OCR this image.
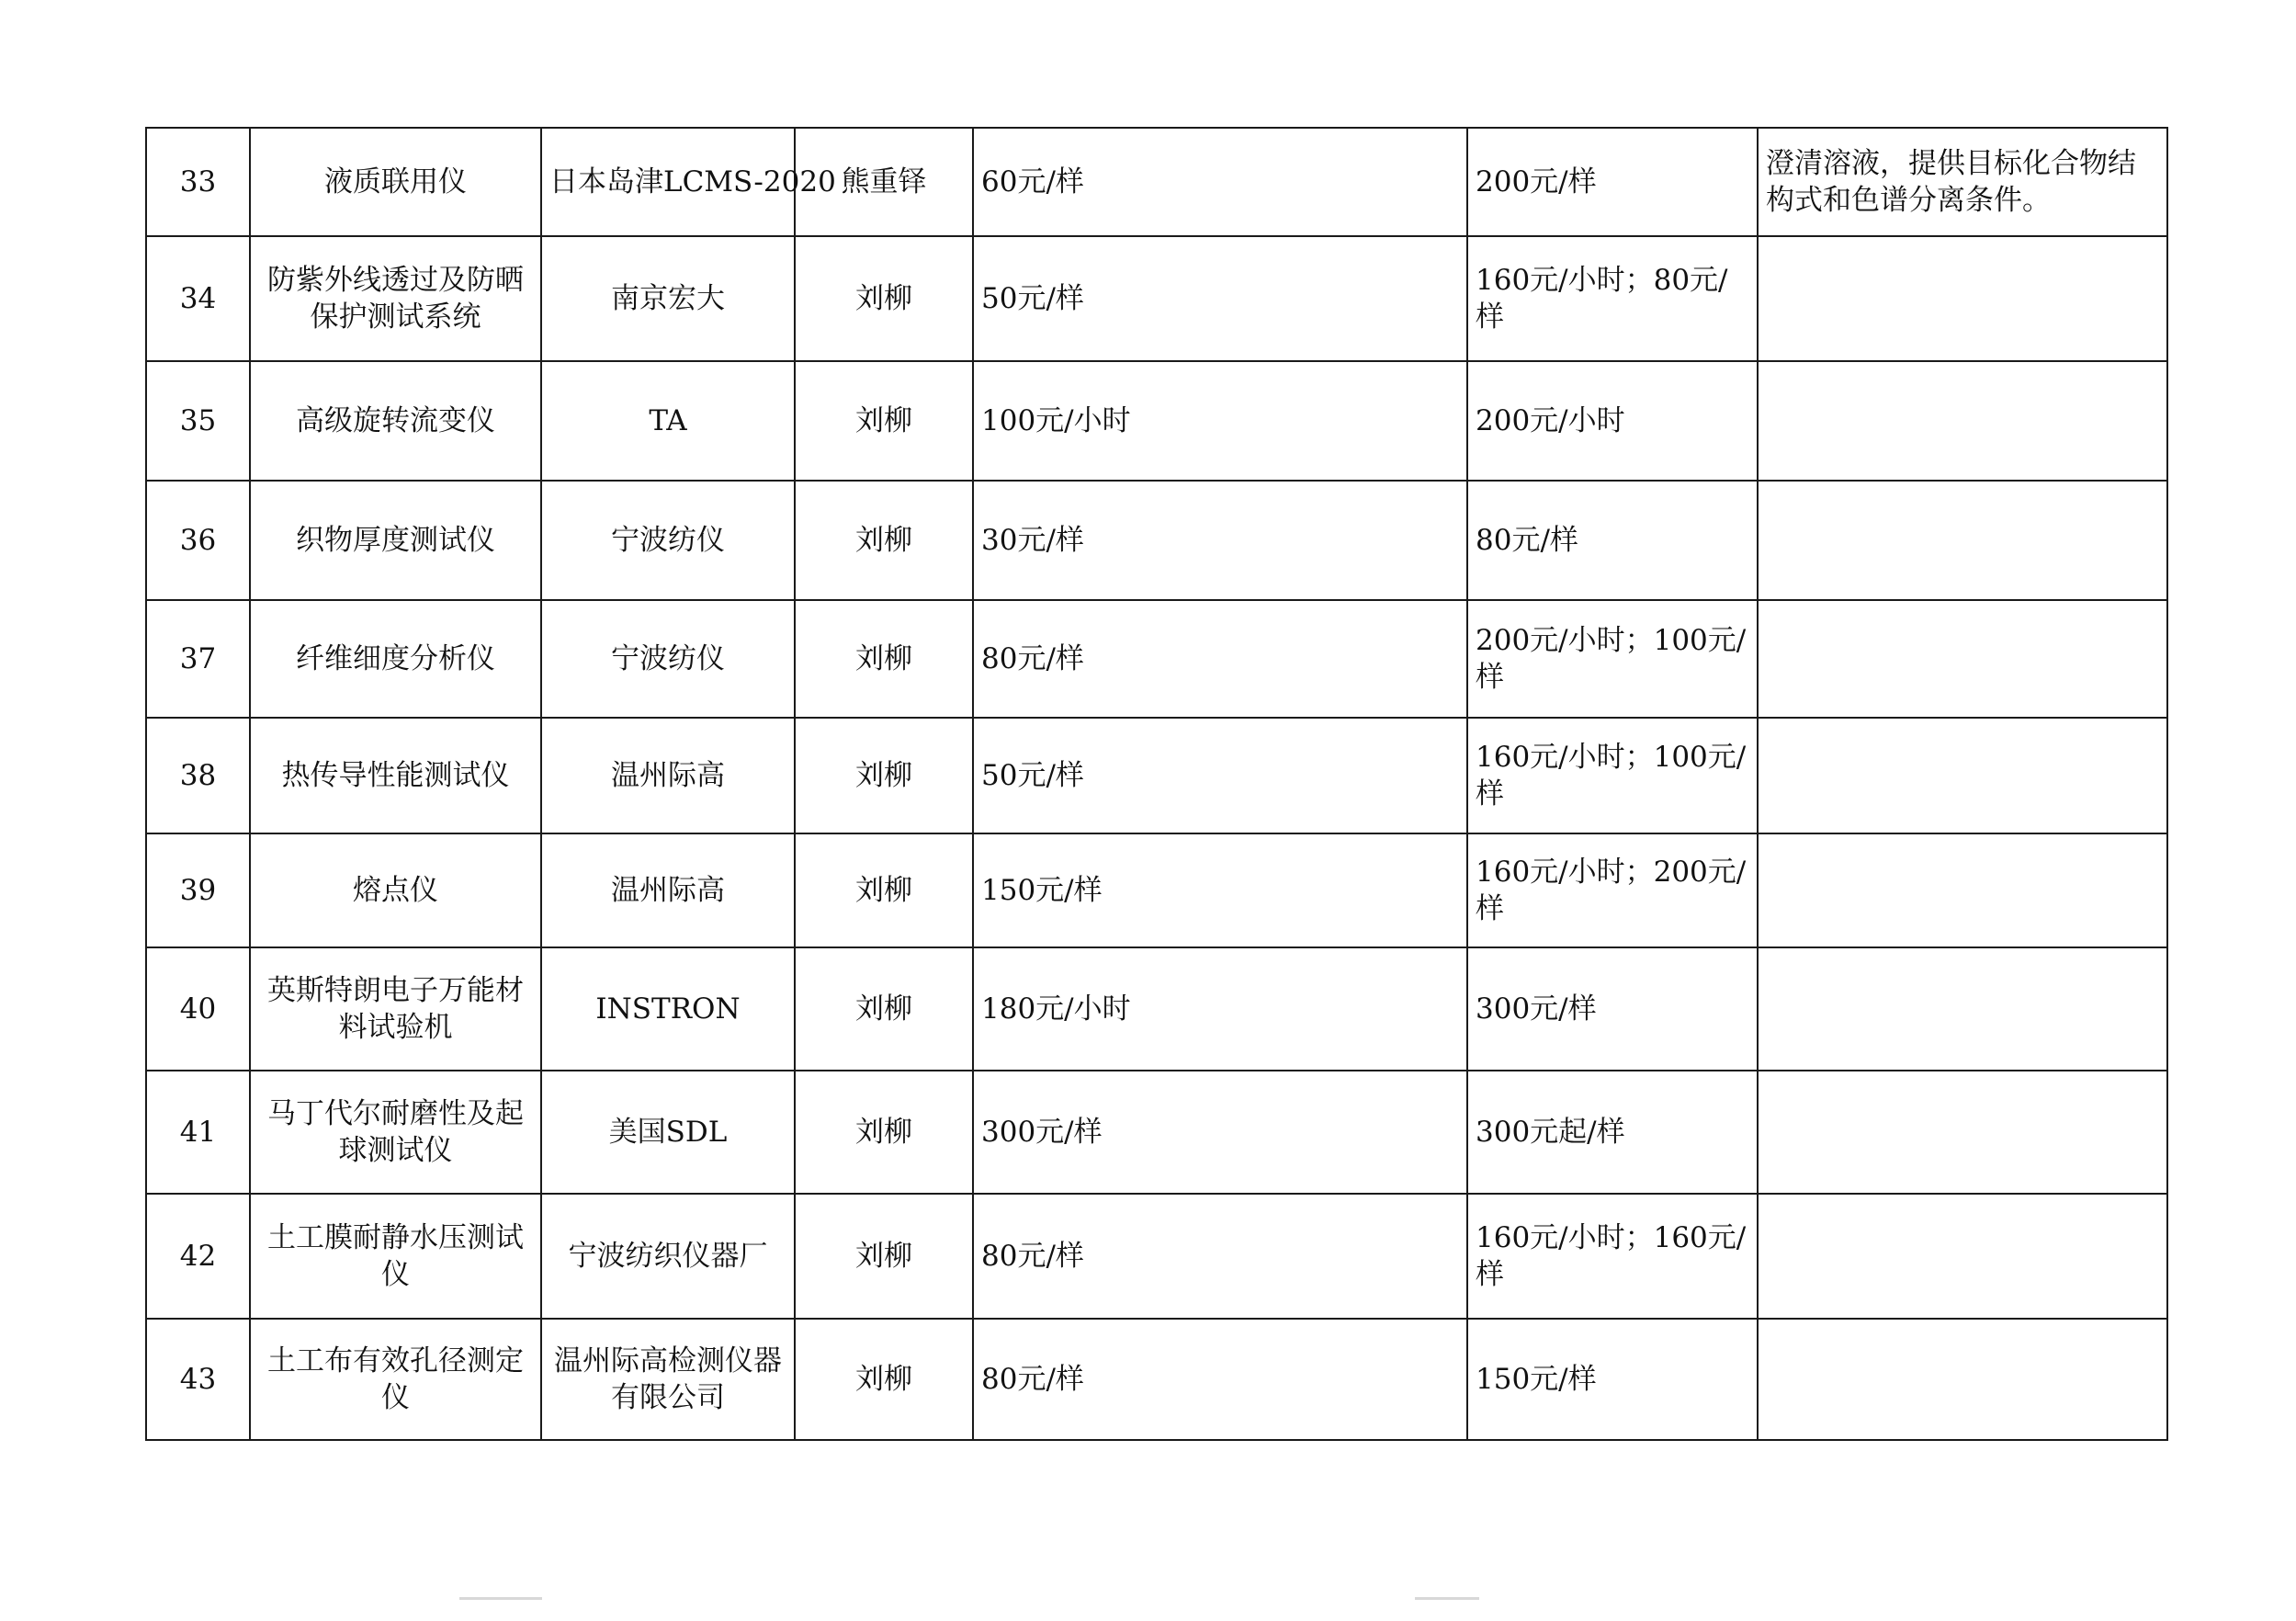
33	液质联用仪	日本岛津LCMS-2020	熊重铎	60元/样	200元/样	澄清溶液，提供目标化合物结构式和色谱分离条件。
34	防紫外线透过及防晒保护测试系统	南京宏大	刘柳	50元/样	160元/小时；80元/样	
35	高级旋转流变仪	TA	刘柳	100元/小时	200元/小时	
36	织物厚度测试仪	宁波纺仪	刘柳	30元/样	80元/样	
37	纤维细度分析仪	宁波纺仪	刘柳	80元/样	200元/小时；100元/样	
38	热传导性能测试仪	温州际高	刘柳	50元/样	160元/小时；100元/样	
39	熔点仪	温州际高	刘柳	150元/样	160元/小时；200元/样	
40	英斯特朗电子万能材料试验机	INSTRON	刘柳	180元/小时	300元/样	
41	马丁代尔耐磨性及起球测试仪	美国SDL	刘柳	300元/样	300元起/样	
42	土工膜耐静水压测试仪	宁波纺织仪器厂	刘柳	80元/样	160元/小时；160元/样	
43	土工布有效孔径测定仪	温州际高检测仪器有限公司	刘柳	80元/样	150元/样	
